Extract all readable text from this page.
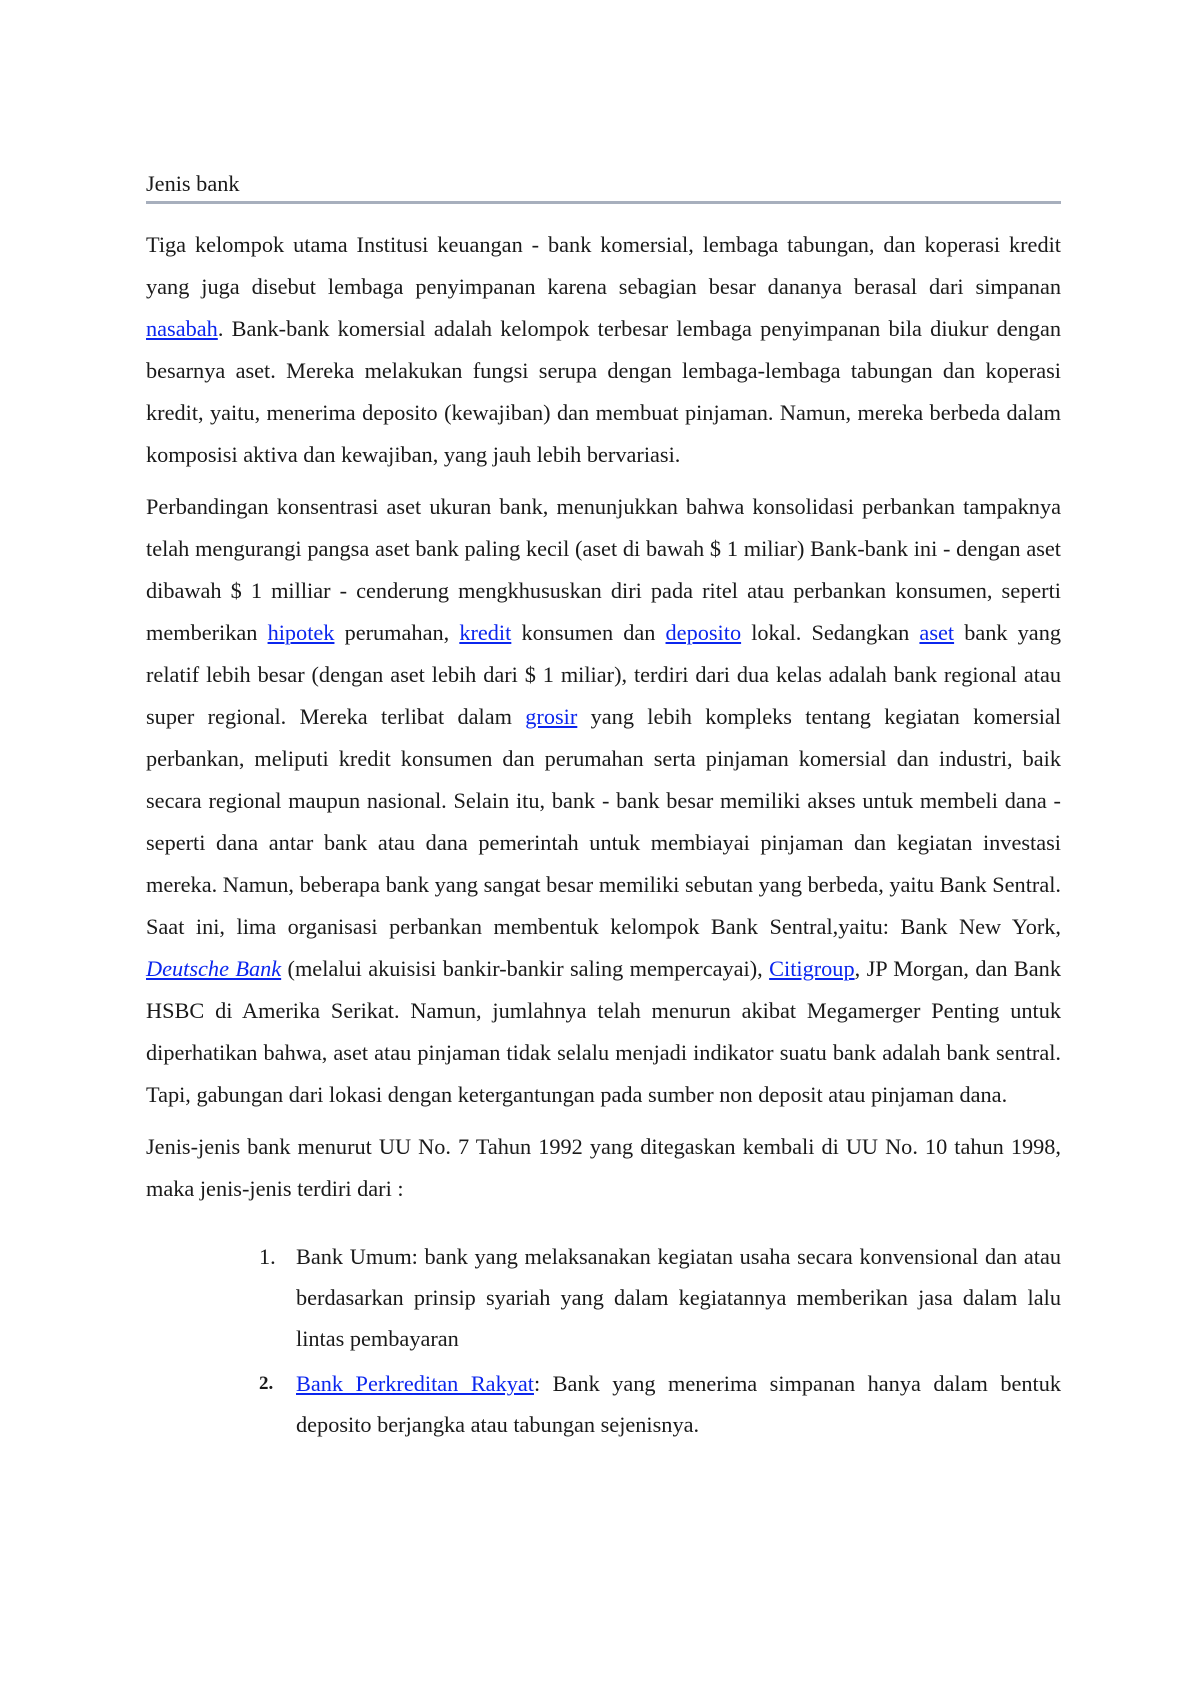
Jenis bank

Tiga kelompok utama Institusi keuangan - bank komersial, lembaga tabungan, dan koperasi kredit yang juga disebut lembaga penyimpanan karena sebagian besar dananya berasal dari simpanan nasabah. Bank-bank komersial adalah kelompok terbesar lembaga penyimpanan bila diukur dengan besarnya aset. Mereka melakukan fungsi serupa dengan lembaga-lembaga tabungan dan koperasi kredit, yaitu, menerima deposito (kewajiban) dan membuat pinjaman. Namun, mereka berbeda dalam komposisi aktiva dan kewajiban, yang jauh lebih bervariasi.

Perbandingan konsentrasi aset ukuran bank, menunjukkan bahwa konsolidasi perbankan tampaknya telah mengurangi pangsa aset bank paling kecil (aset di bawah $ 1 miliar) Bank-bank ini - dengan aset dibawah $ 1 milliar - cenderung mengkhususkan diri pada ritel atau perbankan konsumen, seperti memberikan hipotek perumahan, kredit konsumen dan deposito lokal. Sedangkan aset bank yang relatif lebih besar (dengan aset lebih dari $ 1 miliar), terdiri dari dua kelas adalah bank regional atau super regional. Mereka terlibat dalam grosir yang lebih kompleks tentang kegiatan komersial perbankan, meliputi kredit konsumen dan perumahan serta pinjaman komersial dan industri, baik secara regional maupun nasional. Selain itu, bank - bank besar memiliki akses untuk membeli dana - seperti dana antar bank atau dana pemerintah untuk membiayai pinjaman dan kegiatan investasi mereka. Namun, beberapa bank yang sangat besar memiliki sebutan yang berbeda, yaitu Bank Sentral. Saat ini, lima organisasi perbankan membentuk kelompok Bank Sentral,yaitu: Bank New York, Deutsche Bank (melalui akuisisi bankir-bankir saling mempercayai), Citigroup, JP Morgan, dan Bank HSBC di Amerika Serikat. Namun, jumlahnya telah menurun akibat Megamerger Penting untuk diperhatikan bahwa, aset atau pinjaman tidak selalu menjadi indikator suatu bank adalah bank sentral. Tapi, gabungan dari lokasi dengan ketergantungan pada sumber non deposit atau pinjaman dana.

Jenis-jenis bank menurut UU No. 7 Tahun 1992 yang ditegaskan kembali di UU No. 10 tahun 1998, maka jenis-jenis terdiri dari :

1. Bank Umum: bank yang melaksanakan kegiatan usaha secara konvensional dan atau berdasarkan prinsip syariah yang dalam kegiatannya memberikan jasa dalam lalu lintas pembayaran
2. Bank Perkreditan Rakyat: Bank yang menerima simpanan hanya dalam bentuk deposito berjangka atau tabungan sejenisnya.
